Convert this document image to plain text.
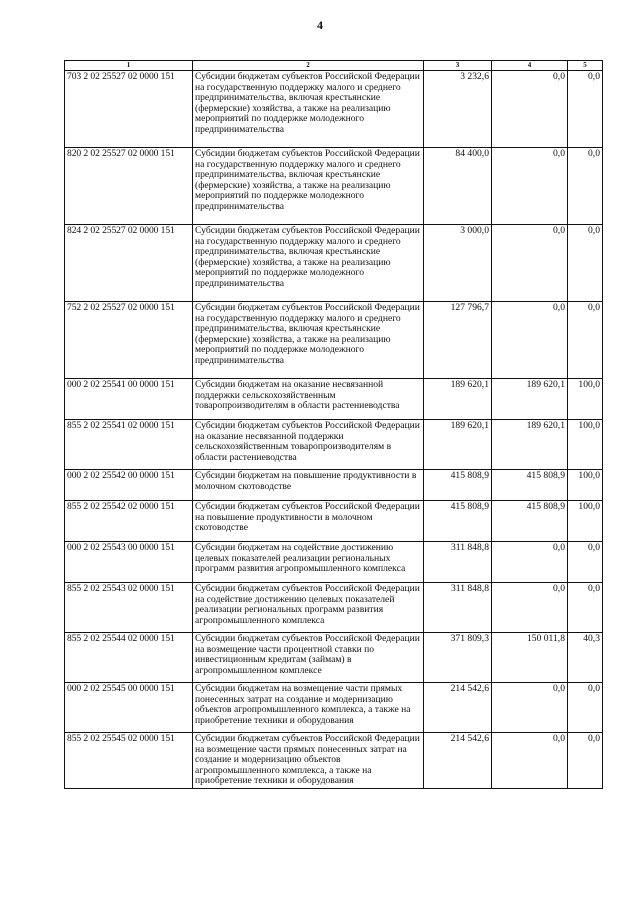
4
1	2	3	4	5
703 2 02 25527 02 0000 151	Субсидии бюджетам субъектов Российской Федерации на государственную поддержку малого и среднего предпринимательства, включая крестьянские (фермерские) хозяйства, а также на реализацию мероприятий по поддержке молодежного предпринимательства	3 232,6	0,0	0,0
820 2 02 25527 02 0000 151	Субсидии бюджетам субъектов Российской Федерации на государственную поддержку малого и среднего предпринимательства, включая крестьянские (фермерские) хозяйства, а также на реализацию мероприятий по поддержке молодежного предпринимательства	84 400,0	0,0	0,0
824 2 02 25527 02 0000 151	Субсидии бюджетам субъектов Российской Федерации на государственную поддержку малого и среднего предпринимательства, включая крестьянские (фермерские) хозяйства, а также на реализацию мероприятий по поддержке молодежного предпринимательства	3 000,0	0,0	0,0
752 2 02 25527 02 0000 151	Субсидии бюджетам субъектов Российской Федерации на государственную поддержку малого и среднего предпринимательства, включая крестьянские (фермерские) хозяйства, а также на реализацию мероприятий по поддержке молодежного предпринимательства	127 796,7	0,0	0,0
000 2 02 25541 00 0000 151	Субсидии бюджетам на оказание несвязанной поддержки сельскохозяйственным товаропроизводителям в области растениеводства	189 620,1	189 620,1	100,0
855 2 02 25541 02 0000 151	Субсидии бюджетам субъектов Российской Федерации на оказание несвязанной поддержки сельскохозяйственным товаропроизводителям в области растениеводства	189 620,1	189 620,1	100,0
000 2 02 25542 00 0000 151	Субсидии бюджетам на повышение продуктивности в молочном скотоводстве	415 808,9	415 808,9	100,0
855 2 02 25542 02 0000 151	Субсидии бюджетам субъектов Российской Федерации на повышение продуктивности в молочном скотоводстве	415 808,9	415 808,9	100,0
000 2 02 25543 00 0000 151	Субсидии бюджетам на содействие достижению целевых показателей реализации региональных программ развития агропромышленного комплекса	311 848,8	0,0	0,0
855 2 02 25543 02 0000 151	Субсидии бюджетам субъектов Российской Федерации на содействие достижению целевых показателей реализации региональных программ развития агропромышленного комплекса	311 848,8	0,0	0,0
855 2 02 25544 02 0000 151	Субсидии бюджетам субъектов Российской Федерации на возмещение части процентной ставки по инвестиционным кредитам (займам) в агропромышленном комплексе	371 809,3	150 011,8	40,3
000 2 02 25545 00 0000 151	Субсидии бюджетам на возмещение части прямых понесенных затрат на создание и модернизацию объектов агропромышленного комплекса, а также на приобретение техники и оборудования	214 542,6	0,0	0,0
855 2 02 25545 02 0000 151	Субсидии бюджетам субъектов Российской Федерации на возмещение части прямых понесенных затрат на создание и модернизацию объектов агропромышленного комплекса, а также на приобретение техники и оборудования	214 542,6	0,0	0,0
